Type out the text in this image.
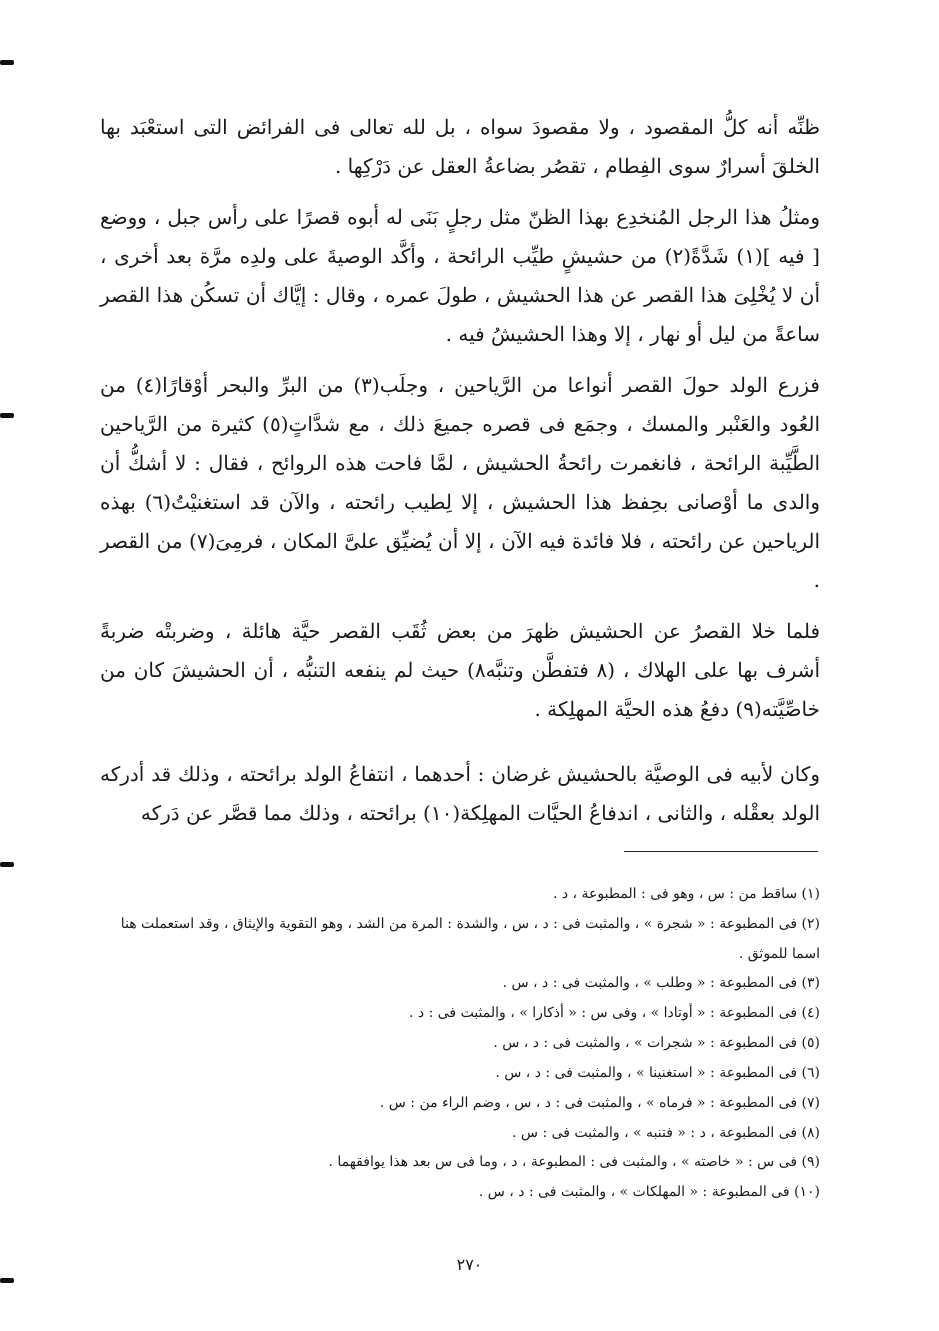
ظنِّه أنه كلُّ المقصود ، ولا مقصودَ سواه ، بل لله تعالى فى الفرائض التى استعْبَد بها الخلقَ أسرارٌ سوى الفِطام ، تقصُر بضاعةُ العقل عن دَرْكِها .

ومثلُ هذا الرجل المُنخدِع بهذا الظنّ مثل رجلٍ بَنَى له أبوه قصرًا على رأس جبل ، ووضع [ فيه ](١) شَدَّةً(٢) من حشيشٍ طيِّب الرائحة ، وأكَّد الوصيةَ على ولدِه مرَّة بعد أخرى ، أن لا يُخْلِىَ هذا القصر عن هذا الحشيش ، طولَ عمره ، وقال : إيَّاك أن تسكُن هذا القصر ساعةً من ليل أو نهار ، إلا وهذا الحشيشُ فيه .

فزرع الولد حولَ القصر أنواعا من الرَّياحين ، وجلَب(٣) من البرِّ والبحر أوْقارًا(٤) من العُود والعَنْبر والمسك ، وجمَع فى قصره جميعَ ذلك ، مع شدَّاتٍ(٥) كثيرة من الرَّياحين الطَّيِّبة الرائحة ، فانغمرت رائحةُ الحشيش ، لمَّا فاحت هذه الروائح ، فقال : لا أشكُّ أن والدى ما أوْصانى بحِفظ هذا الحشيش ، إلا لِطيب رائحته ، والآن قد استغنيْتُ(٦) بهذه الرياحين عن رائحته ، فلا فائدة فيه الآن ، إلا أن يُضيِّق علىَّ المكان ، فرمِىَ(٧) من القصر .

فلما خلا القصرُ عن الحشيش ظهرَ من بعض ثُقَب القصر حيَّة هائلة ، وضربتْه ضربةً أشرف بها على الهلاك ، (٨ فتفطَّن وتنبَّه٨) حيث لم ينفعه التنبُّه ، أن الحشيشَ كان من خاصِّيَّته(٩) دفعُ هذه الحيَّة المهلِكة .

وكان لأبيه فى الوصيَّة بالحشيش غرضان : أحدهما ، انتفاعُ الولد برائحته ، وذلك قد أدركه الولد بعقْله ، والثانى ، اندفاعُ الحيَّات المهلِكة(١٠) برائحته ، وذلك مما قصَّر عن دَركه

(١) ساقط من : س ، وهو فى : المطبوعة ، د .
(٢) فى المطبوعة : « شجرة » ، والمثبت فى : د ، س ، والشدة : المرة من الشد ، وهو التقوية والإيثاق ، وقد استعملت هنا اسما للموثق .
(٣) فى المطبوعة : « وطلب » ، والمثبت فى : د ، س .
(٤) فى المطبوعة : « أوتادا » ، وفى س : « أذكارا » ، والمثبت فى : د .
(٥) فى المطبوعة : « شجرات » ، والمثبت فى : د ، س .
(٦) فى المطبوعة : « استغنينا » ، والمثبت فى : د ، س .
(٧) فى المطبوعة : « فرماه » ، والمثبت فى : د ، س ، وضم الراء من : س .
(٨) فى المطبوعة ، د : « فتنبه » ، والمثبت فى : س .
(٩) فى س : « خاصته » ، والمثبت فى : المطبوعة ، د ، وما فى س بعد هذا يوافقهما .
(١٠) فى المطبوعة : « المهلكات » ، والمثبت فى : د ، س .
٢٧٠
